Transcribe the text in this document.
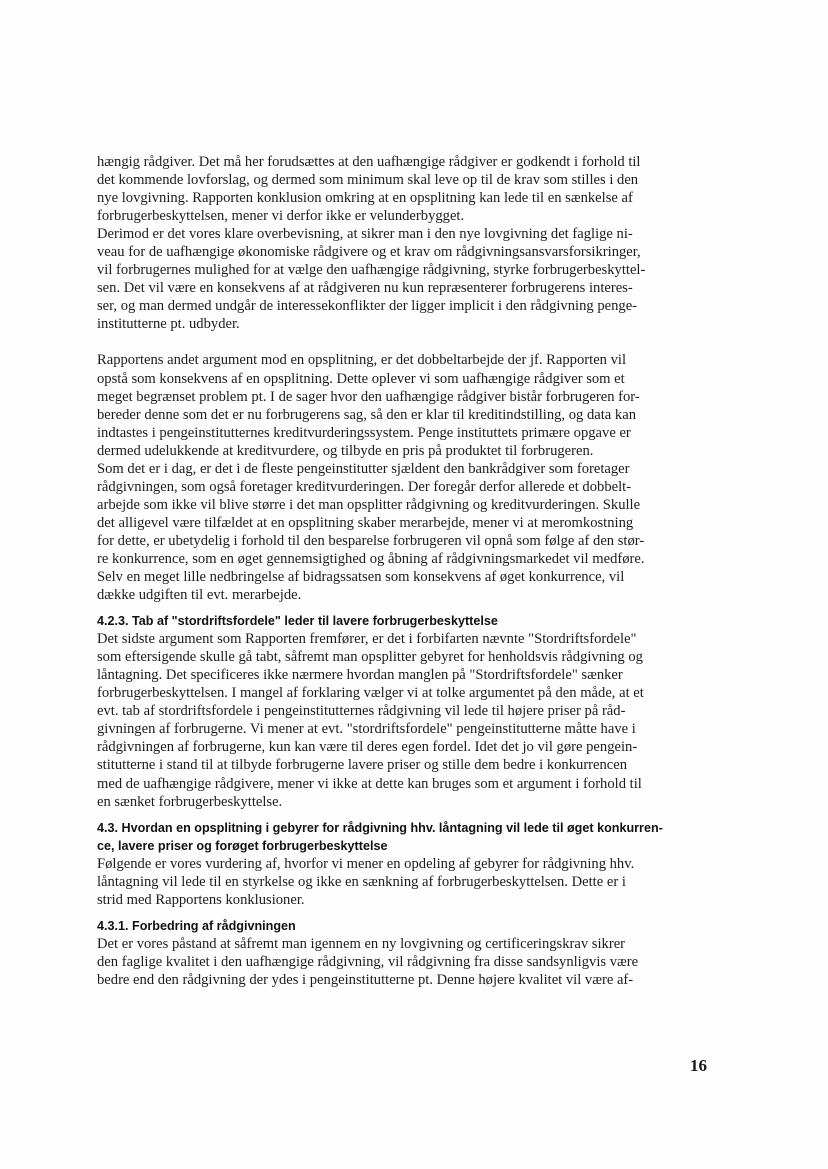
hængig rådgiver. Det må her forudsættes at den uafhængige rådgiver er godkendt i forhold til
det kommende lovforslag, og dermed som minimum skal leve op til de krav som stilles i den
nye lovgivning. Rapporten konklusion omkring at en opsplitning kan lede til en sænkelse af
forbrugerbeskyttelsen, mener vi derfor ikke er velunderbygget.
Derimod er det vores klare overbevisning, at sikrer man i den nye lovgivning det faglige ni-
veau for de uafhængige økonomiske rådgivere og et krav om rådgivningsansvarsforsikringer,
vil forbrugernes mulighed for at vælge den uafhængige rådgivning, styrke forbrugerbeskyttel-
sen. Det vil være en konsekvens af at rådgiveren nu kun repræsenterer forbrugerens interes-
ser, og man dermed undgår de interessekonflikter der ligger implicit i den rådgivning penge-
institutterne pt. udbyder.
Rapportens andet argument mod en opsplitning, er det dobbeltarbejde der jf. Rapporten vil
opstå som konsekvens af en opsplitning. Dette oplever vi som uafhængige rådgiver som et
meget begrænset problem pt. I de sager hvor den uafhængige rådgiver bistår forbrugeren for-
bereder denne som det er nu forbrugerens sag, så den er klar til kreditindstilling, og data kan
indtastes i pengeinstitutternes kreditvurderingssystem. Penge instituttets primære opgave er
dermed udelukkende at kreditvurdere, og tilbyde en pris på produktet til forbrugeren.
Som det er i dag, er det i de fleste pengeinstitutter sjældent den bankrådgiver som foretager
rådgivningen, som også foretager kreditvurderingen. Der foregår derfor allerede et dobbelt-
arbejde som ikke vil blive større i det man opsplitter rådgivning og kreditvurderingen. Skulle
det alligevel være tilfældet at en opsplitning skaber merarbejde, mener vi at meromkostning
for dette, er ubetydelig i forhold til den besparelse forbrugeren vil opnå som følge af den stør-
re konkurrence, som en øget gennemsigtighed og åbning af rådgivningsmarkedet vil medføre.
Selv en meget lille nedbringelse af bidragssatsen som konsekvens af øget konkurrence, vil
dække udgiften til evt. merarbejde.
4.2.3. Tab af "stordriftsfordele" leder til lavere forbrugerbeskyttelse
Det sidste argument som Rapporten fremfører, er det i forbifarten nævnte "Stordriftsfordele"
som eftersigende skulle gå tabt, såfremt man opsplitter gebyret for henholdsvis rådgivning og
låntagning. Det specificeres ikke nærmere hvordan manglen på "Stordriftsfordele" sænker
forbrugerbeskyttelsen. I mangel af forklaring vælger vi at tolke argumentet på den måde, at et
evt. tab af stordriftsfordele i pengeinstitutternes rådgivning vil lede til højere priser på råd-
givningen af forbrugerne. Vi mener at evt. "stordriftsfordele" pengeinstitutterne måtte have i
rådgivningen af forbrugerne, kun kan være til deres egen fordel. Idet det jo vil gøre pengein-
stitutterne i stand til at tilbyde forbrugerne lavere priser og stille dem bedre i konkurrencen
med de uafhængige rådgivere, mener vi ikke at dette kan bruges som et argument i forhold til
en sænket forbrugerbeskyttelse.
4.3. Hvordan en opsplitning i gebyrer for rådgivning hhv. låntagning vil lede til øget konkurren-
ce, lavere priser og forøget forbrugerbeskyttelse
Følgende er vores vurdering af, hvorfor vi mener en opdeling af gebyrer for rådgivning hhv.
låntagning vil lede til en styrkelse og ikke en sænkning af forbrugerbeskyttelsen. Dette er i
strid med Rapportens konklusioner.
4.3.1. Forbedring af rådgivningen
Det er vores påstand at såfremt man igennem en ny lovgivning og certificeringskrav sikrer
den faglige kvalitet i den uafhængige rådgivning, vil rådgivning fra disse sandsynligvis være
bedre end den rådgivning der ydes i pengeinstitutterne pt. Denne højere kvalitet vil være af-
16
